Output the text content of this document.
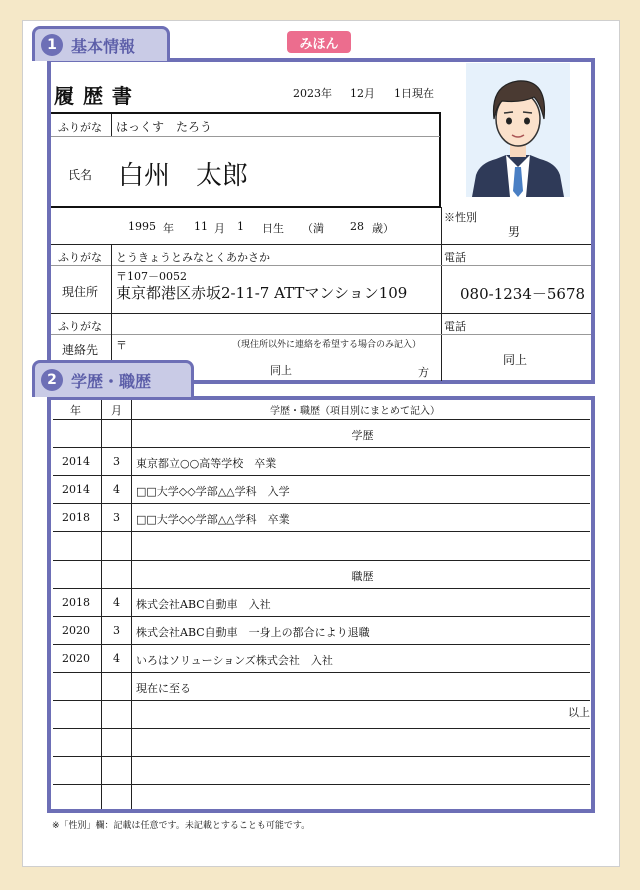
1 基本情報	みほん
履 歴 書	2023年 12月 1日現在
ふりがな はっくす　たろう
氏名 白州　太郎
1995 年 11 月 1 日生 （満 28 歳）
※性別
男
ふりがな とうきょうとみなとくあかさか
現住所
〒107－0052
東京都港区赤坂2-11-7 ATTマンション109
電話
080-1234－5678
ふりがな
連絡先 〒	（現住所以外に連絡を希望する場合のみ記入）
同上	方
電話
同上
2 学歴・職歴
年	月	学歴・職歴（項目別にまとめて記入）
学歴
2014 3 東京都立○○高等学校　卒業
2014 4 □□大学◇◇学部△△学科　入学
2018 3 □□大学◇◇学部△△学科　卒業
職歴
2018 4 株式会社ABC自動車　入社
2020 3 株式会社ABC自動車　一身上の都合により退職
2020 4 いろはソリューションズ株式会社　入社
現在に至る
以上
※「性別」欄：記載は任意です。未記載とすることも可能です。
